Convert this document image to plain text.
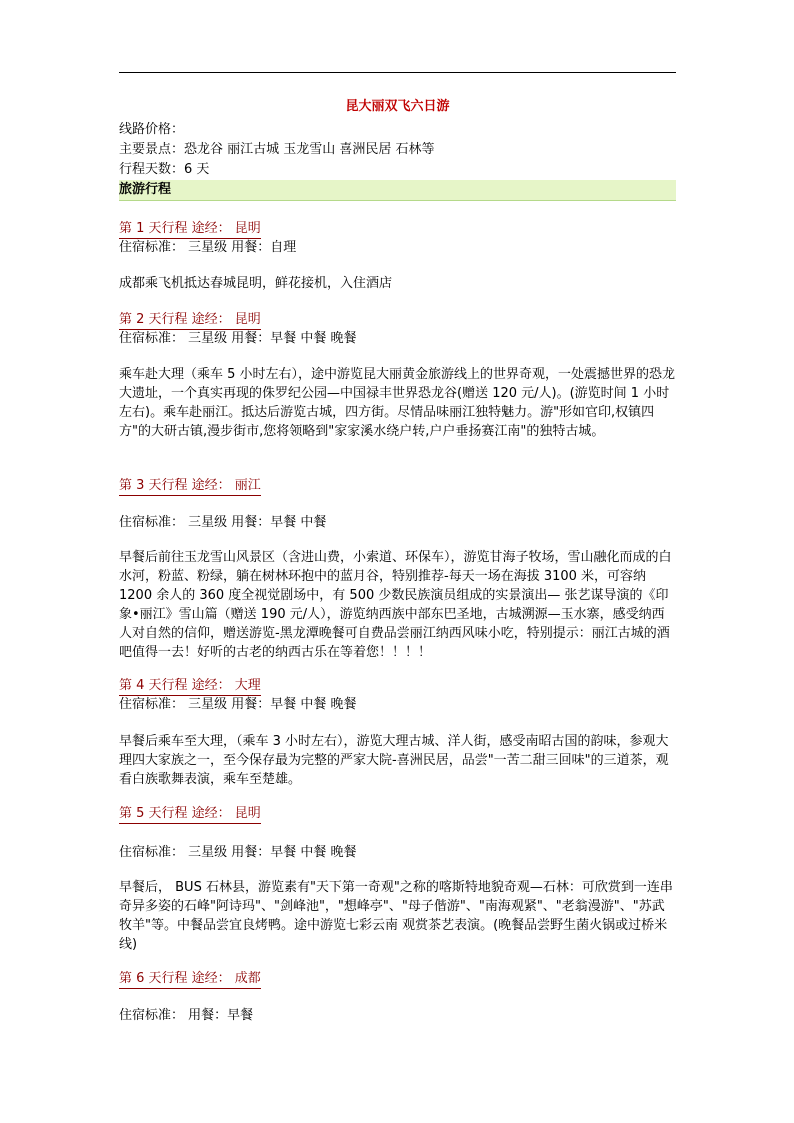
昆大丽双飞六日游
线路价格：
主要景点：恐龙谷 丽江古城 玉龙雪山 喜洲民居 石林等
行程天数：6 天
旅游行程
第 1 天行程 途经： 昆明
住宿标准： 三星级 用餐：自理
成都乘飞机抵达春城昆明，鲜花接机，入住酒店
第 2 天行程 途经： 昆明
住宿标准： 三星级 用餐：早餐 中餐 晚餐
乘车赴大理（乘车 5 小时左右），途中游览昆大丽黄金旅游线上的世界奇观，一处震撼世界的恐龙大遗址，一个真实再现的侏罗纪公园—中国禄丰世界恐龙谷(赠送 120 元/人)。(游览时间 1 小时左右)。乘车赴丽江。抵达后游览古城，四方街。尽情品味丽江独特魅力。游"形如官印,权镇四方"的大研古镇,漫步街市,您将领略到"家家溪水绕户转,户户垂扬赛江南"的独特古城。
第 3 天行程 途经： 丽江
住宿标准： 三星级 用餐：早餐 中餐
早餐后前往玉龙雪山风景区（含进山费，小索道、环保车），游览甘海子牧场，雪山融化而成的白水河，粉蓝、粉绿，躺在树林环抱中的蓝月谷，特别推荐-每天一场在海拔 3100 米，可容纳 1200 余人的 360 度全视觉剧场中，有 500 少数民族演员组成的实景演出— 张艺谋导演的《印象•丽江》雪山篇（赠送 190 元/人），游览纳西族中部东巴圣地，古城溯源—玉水寨，感受纳西人对自然的信仰，赠送游览-黑龙潭晚餐可自费品尝丽江纳西风味小吃，特别提示：丽江古城的酒吧值得一去！好听的古老的纳西古乐在等着您！！！！
第 4 天行程 途经： 大理
住宿标准： 三星级 用餐：早餐 中餐 晚餐
早餐后乘车至大理，（乘车 3 小时左右），游览大理古城、洋人街，感受南昭古国的韵味，参观大理四大家族之一，至今保存最为完整的严家大院-喜洲民居，品尝"一苦二甜三回味"的三道茶，观看白族歌舞表演，乘车至楚雄。
第 5 天行程 途经： 昆明
住宿标准： 三星级 用餐：早餐 中餐 晚餐
早餐后， BUS 石林县，游览素有"天下第一奇观"之称的喀斯特地貌奇观—石林：可欣赏到一连串奇异多姿的石峰"阿诗玛"、"剑峰池"，"想峰亭"、"母子偕游"、"南海观紧"、"老翁漫游"、"苏武牧羊"等。中餐品尝宜良烤鸭。途中游览七彩云南 观赏茶艺表演。(晚餐品尝野生菌火锅或过桥米线)
第 6 天行程 途经： 成都
住宿标准： 用餐：早餐
